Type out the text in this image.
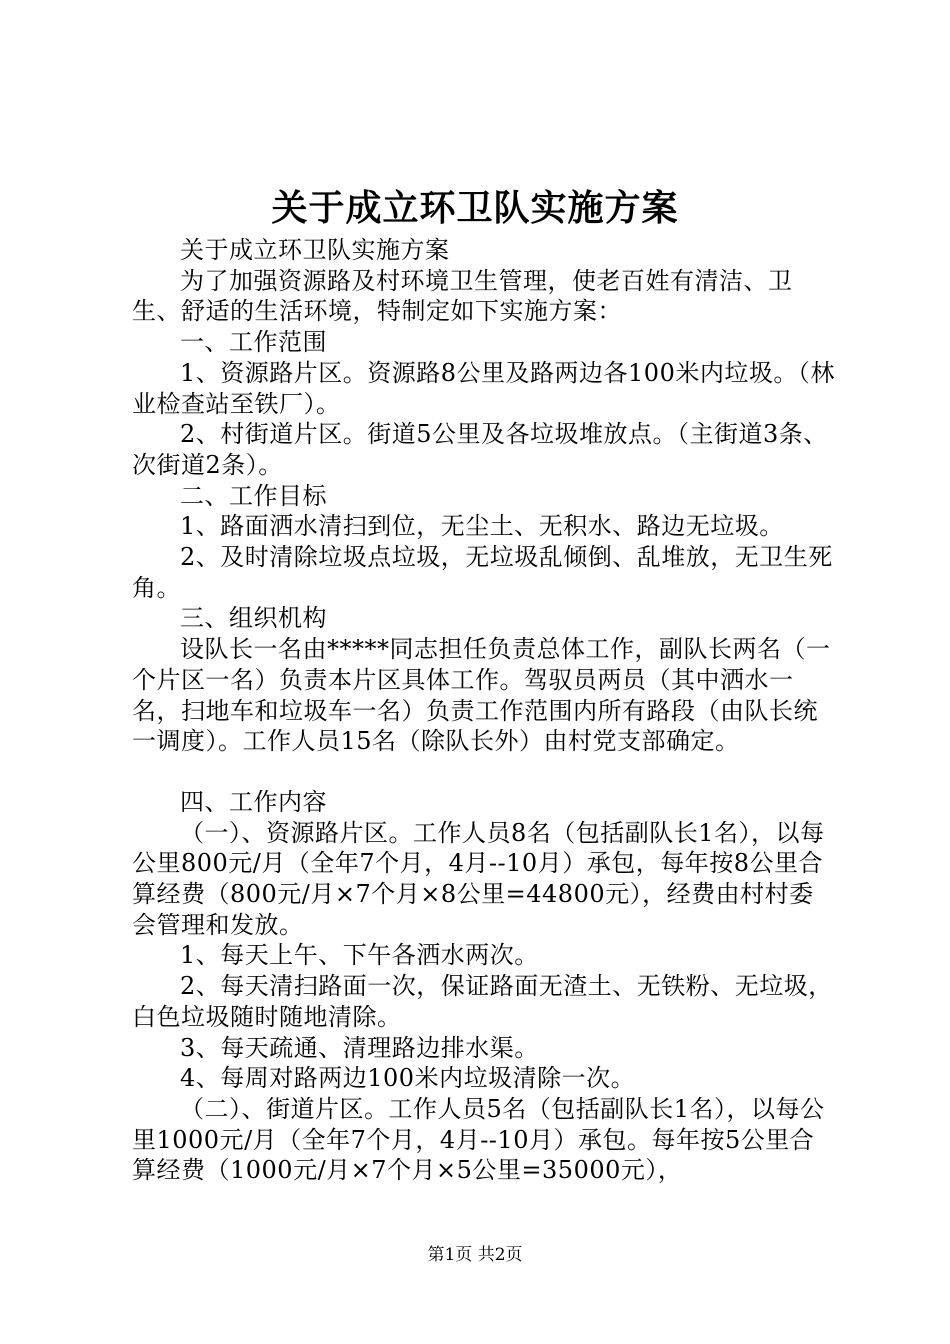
关于成立环卫队实施方案

关于成立环卫队实施方案

为了加强资源路及村环境卫生管理，使老百姓有清洁、卫生、舒适的生活环境，特制定如下实施方案：

一、工作范围

1、资源路片区。资源路8公里及路两边各100米内垃圾。（林业检查站至铁厂）。

2、村街道片区。街道5公里及各垃圾堆放点。（主街道3条、次街道2条）。

二、工作目标

1、路面洒水清扫到位，无尘土、无积水、路边无垃圾。

2、及时清除垃圾点垃圾，无垃圾乱倾倒、乱堆放，无卫生死角。

三、组织机构

设队长一名由*****同志担任负责总体工作，副队长两名（一个片区一名）负责本片区具体工作。驾驭员两员（其中洒水一名，扫地车和垃圾车一名）负责工作范围内所有路段（由队长统一调度）。工作人员15名（除队长外）由村党支部确定。

四、工作内容

（一）、资源路片区。工作人员8名（包括副队长1名），以每公里800元/月（全年7个月，4月--10月）承包，每年按8公里合算经费（800元/月×7个月×8公里=44800元），经费由村村委会管理和发放。

1、每天上午、下午各洒水两次。

2、每天清扫路面一次，保证路面无渣土、无铁粉、无垃圾，白色垃圾随时随地清除。

3、每天疏通、清理路边排水渠。

4、每周对路两边100米内垃圾清除一次。

（二）、街道片区。工作人员5名（包括副队长1名），以每公里1000元/月（全年7个月，4月--10月）承包。每年按5公里合算经费（1000元/月×7个月×5公里=35000元），

第1页 共2页
